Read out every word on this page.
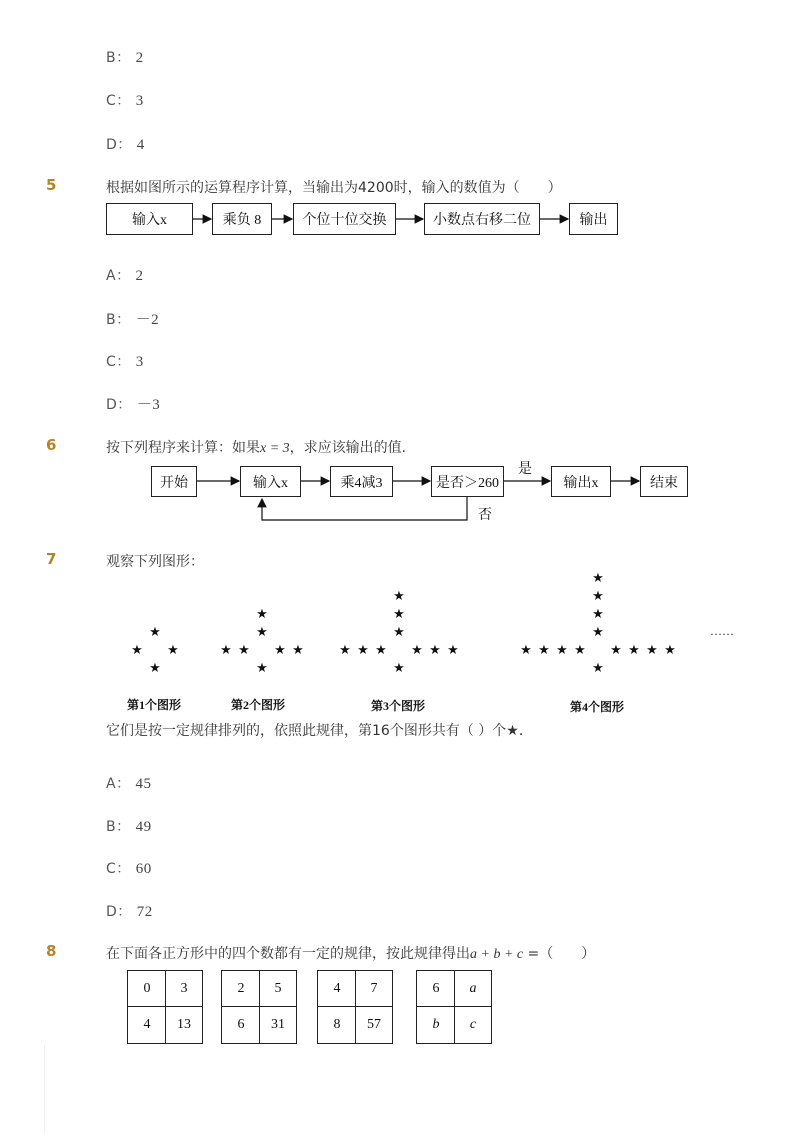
B： 2
C： 3
D： 4
5	根据如图所示的运算程序计算，当输出为4200时，输入的数值为（　　）
输入x	乘负 8	个位十位交换	小数点右移二位	输出
A： 2
B： －2
C： 3
D： －3
6	按下列程序来计算：如果x = 3，求应该输出的值．
开始	输入x	乘4减3	是否＞260	输出x	结束
是
否
7	观察下列图形：
★ ★
★
★
★ ★
★	★
★
★
★
★ ★
★	★
★	★
★
★
★
★
★ ★
★	★
★	★
★	★
★
★
★
★
★
第1个图形	第2个图形	第3个图形	第4个图形
……
它们是按一定规律排列的，依照此规律，第16个图形共有（ ）个★．
A： 45
B： 49
C： 60
D： 72
8	在下面各正方形中的四个数都有一定的规律，按此规律得出a + b + c =（　　）
0	3
4	13
2	5
6	31
4	7
8	57
6	a
b	c
